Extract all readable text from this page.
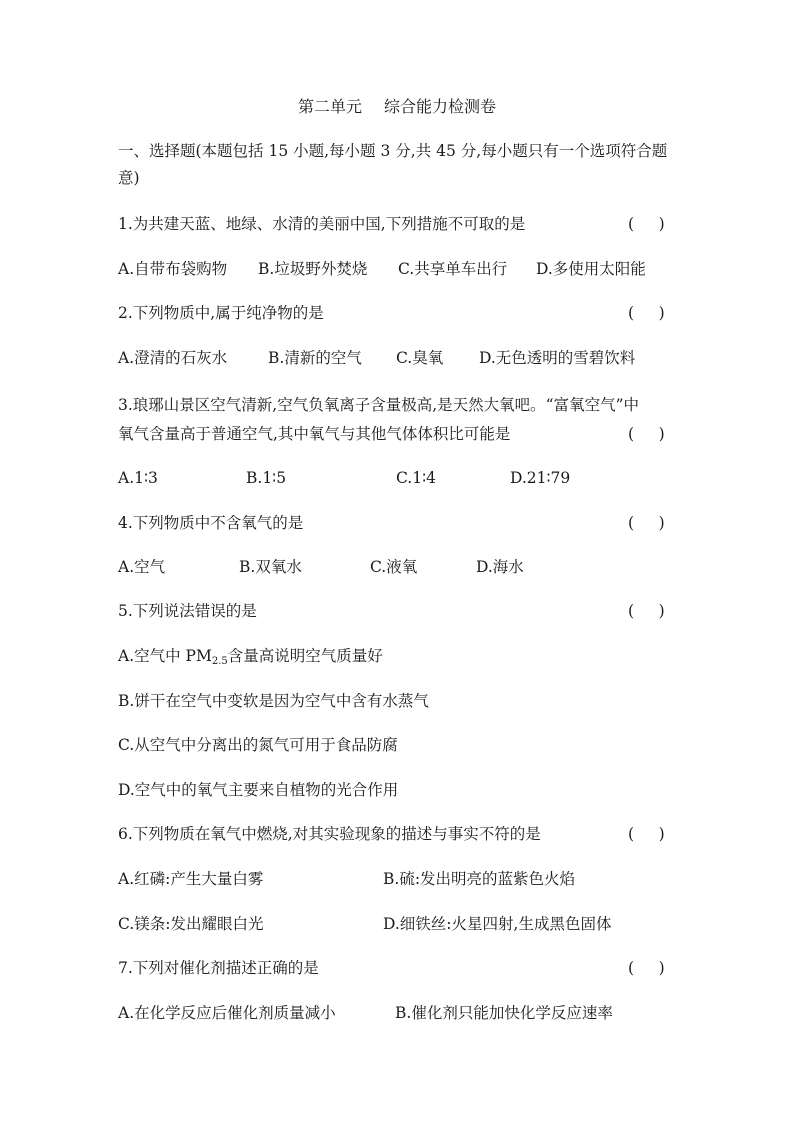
第二单元 综合能力检测卷
一、选择题(本题包括 15 小题,每小题 3 分,共 45 分,每小题只有一个选项符合题
意)
1.为共建天蓝、地绿、水清的美丽中国,下列措施不可取的是	(     )
A.自带布袋购物 B.垃圾野外焚烧 C.共享单车出行 D.多使用太阳能
2.下列物质中,属于纯净物的是	(     )
A.澄清的石灰水	B.清新的空气 C.臭氧 D.无色透明的雪碧饮料
3.琅琊山景区空气清新,空气负氧离子含量极高,是天然大氧吧。“富氧空气”中
氧气含量高于普通空气,其中氧气与其他气体体积比可能是	(     )
A.1∶3	B.1∶5	C.1∶4	D.21∶79
4.下列物质中不含氧气的是	(     )
A.空气	B.双氧水	C.液氧	D.海水
5.下列说法错误的是	(     )
A.空气中 $PM_{2.5}$含量高说明空气质量好
B.饼干在空气中变软是因为空气中含有水蒸气
C.从空气中分离出的氮气可用于食品防腐
D.空气中的氧气主要来自植物的光合作用
6.下列物质在氧气中燃烧,对其实验现象的描述与事实不符的是	(     )
A.红磷:产生大量白雾	B.硫:发出明亮的蓝紫色火焰
C.镁条:发出耀眼白光	D.细铁丝:火星四射,生成黑色固体
7.下列对催化剂描述正确的是	(     )
A.在化学反应后催化剂质量减小	B.催化剂只能加快化学反应速率
